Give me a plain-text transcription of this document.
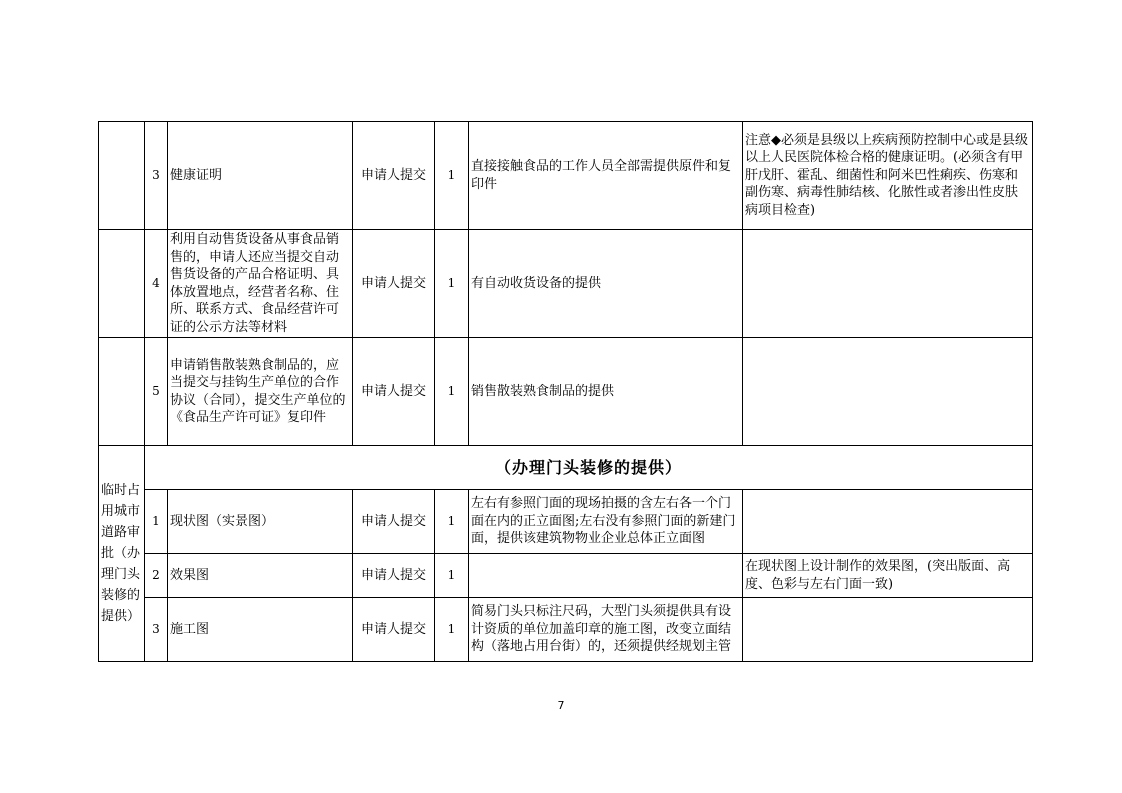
	3	健康证明	申请人提交	1	直接接触食品的工作人员全部需提供原件和复印件	注意◆必须是县级以上疾病预防控制中心或是县级以上人民医院体检合格的健康证明。(必须含有甲肝戊肝、霍乱、细菌性和阿米巴性痢疾、伤寒和副伤寒、病毒性肺结核、化脓性或者渗出性皮肤病项目检查)
	4	利用自动售货设备从事食品销售的，申请人还应当提交自动售货设备的产品合格证明、具体放置地点，经营者名称、住所、联系方式、食品经营许可证的公示方法等材料	申请人提交	1	有自动收货设备的提供	
	5	申请销售散装熟食制品的，应当提交与挂钩生产单位的合作协议（合同），提交生产单位的《食品生产许可证》复印件	申请人提交	1	销售散装熟食制品的提供	
临时占用城市道路审批（办理门头装修的提供）	（办理门头装修的提供）					
	1	现状图（实景图）	申请人提交	1	左右有参照门面的现场拍摄的含左右各一个门面在内的正立面图;左右没有参照门面的新建门面，提供该建筑物物业企业总体正立面图	
	2	效果图	申请人提交	1		在现状图上设计制作的效果图，(突出版面、高度、色彩与左右门面一致)
	3	施工图	申请人提交	1	简易门头只标注尺码，大型门头须提供具有设计资质的单位加盖印章的施工图，改变立面结构（落地占用台街）的，还须提供经规划主管	
7
